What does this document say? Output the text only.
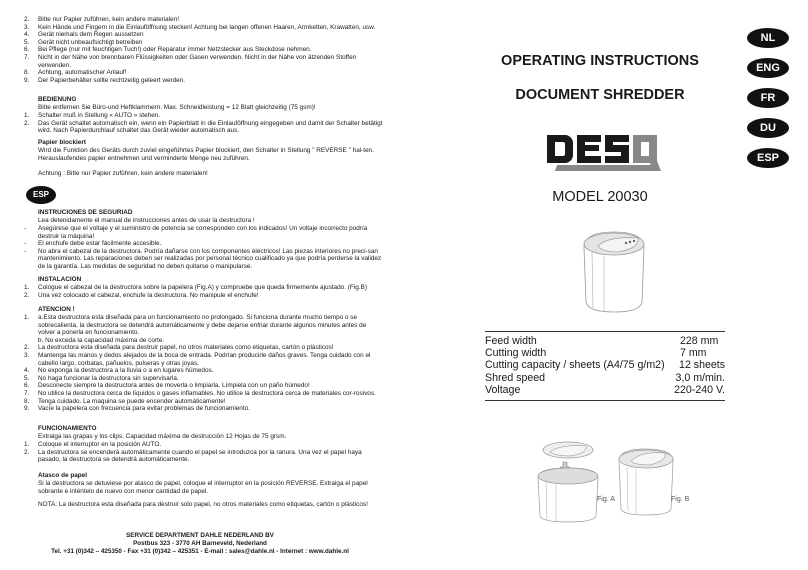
2.	Bitte nur Papier zuführen, kein andere materialen!
3.	Kein Hände und Fingern in die Einlauföffnung stecken! Achtung bei langen offenen Haaren, Armketten, Krawatten, usw.
4.	Gerät niemals dem Regen aussetzen
5.	Gerät nicht unbeaufsichtigt betreiben
6.	Bei Pflege (nur mit feuchtigen Tuch!) oder Reparatur immer Netzstecker aus Steckdose nehmen.
7.	Nicht in der Nähe von brennbaren Flüssigkeiten oder Gasen verwenden. Nicht in der Nähe von ätzenden Stoffen verwenden.
8.	Achtung, automatischer Anlauf!
9.	Der Papierbehälter sollte rechtzeitig geleert werden.
BEDIENUNG
Bitte entfernen Sie Büro-und Heftklammern. Max. Schneidleistung = 12 Blatt gleichzeitig (75 gsm)!
1.	Schalter muß in Stellung « AUTO » stehen.
2.	Das Gerät schaltet automatisch ein, wenn ein Papierblatt in die Einlauföffnung eingegeben und damit der Schalter betätigt wird. Nach Papierdurchlauf schaltet das Gerät wieder automatisch aus.
Papier blockiert
Wird die Funktion des Geräts durch zuviel eingeführtes Papier blockiert, den Schalter in Stellung " REVERSE " hal-ten. Herauslaufendes papier entnehmen und verminderte Menge neu zuführen.
Achtung : Bitte nur Papier zuführen, kein andere materialen!
ESP
INSTRUCIONES DE SEGURIAD
Lea detenidamente el manual de instrucciones antes de usar la destructora !
-	Asegúrese que el voltaje y el suministro de potencia se corresponden con los indicados! Un voltaje incorrecto podría destruir la máquina!
-	El enchufe debe estar fácilmente accesible.
-	No abra el cabezal de la destructora. Podría dañarse con los componentes eléctricos! Las piezas interiores no preci-san mantenimiento. Las reparaciones deben ser realizadas por personal técnico cualificado ya que podría perderse la validez de la garantía. Las medidas de seguridad no deben quitarse o manipularse.
INSTALACION
1.	Cologue el cabezal de la destructora sobre la papelera (Fig.A) y compruebe que queda firmemente ajustado. (Fig.B)
2.	Una vez colocado el cabezal, enchufe la destructora. No manipule el enchufe!
ATENCION !
1.	a.Esta destructora esta diseñada para un funcionamiento no prolongado. Si funciona durante mucho tiempo o se sobrecalienta, la destructora se detendrá automáticamente y debe dejarse enfriar durante algunos minutes antes de volver a ponerla en funcionamiento.
b. No exceda la capacidad máxima de corte.
2.	La destructora esta diseñada para destruir papel, no otros materiales como etiquetas, cartón o plásticos!
3.	Mantenga las manos y dedos alejados de la boca de entrada. Podrían producirle daños graves. Tenga cuidado con el cabello largo, corbatas, pañuelos, pulseras y otras joyas.
4.	No exponga la destructora a la lluvia o a en lugares húmedos.
5.	No haga funcionar la destructora sin supervisarla.
6.	Desconecte siempre la destructora antes de moverla o limpiarla. Límpiela con un paño húmedo!
7.	No utilice la destructora cerca de líquidos o gases inflamables. No utilice la destructora cerca de materiales cor-rosivos.
8.	Tenga cuidado. La maquina se puede encender automáticamente!
9.	Vacíe la papelera con frecuencia para evitar problemas de funcionamiento.
FUNCIONAMIENTO
Extraiga las grapas y los clips. Capacidad máxima de destrucción 12 Hojas de 75 grsm.
1.	Coloque el interruptor en la posición AUTO.
2.	La destructora se encenderá automáticamente cuando el papel se introduzca por la ranura. Una vez el papel haya pasado, la destructora se detendrá automáticamente.
Atasco de papel
Si la destructora se detuviese por atasco de papel, coloque el interruptor en la posición REVERSE. Extraiga el papel sobrante e inténtelo de nuevo con menor cantidad de papel.
NOTA: La destructora esta diseñada para destruir solo papel, no otros materiales como etiquetas, cartón o plásticos!
SERVICE DEPARTMENT DAHLE NEDERLAND BV
Postbus 323 - 3770 AH Barneveld, Nederland
Tel. +31 (0)342 – 425350 - Fax +31 (0)342 – 425351 - E-mail : sales@dahle.nl - Internet : www.dahle.nl
OPERATING INSTRUCTIONS
DOCUMENT SHREDDER
NL
ENG
FR
DU
ESP
MODEL 20030
Feed width	228 mm
Cutting width	7 mm
Cutting capacity / sheets (A4/75 g/m2)	12 sheets
Shred speed	3,0 m/min.
Voltage	220-240 V.
Fig. A	Fig. B
